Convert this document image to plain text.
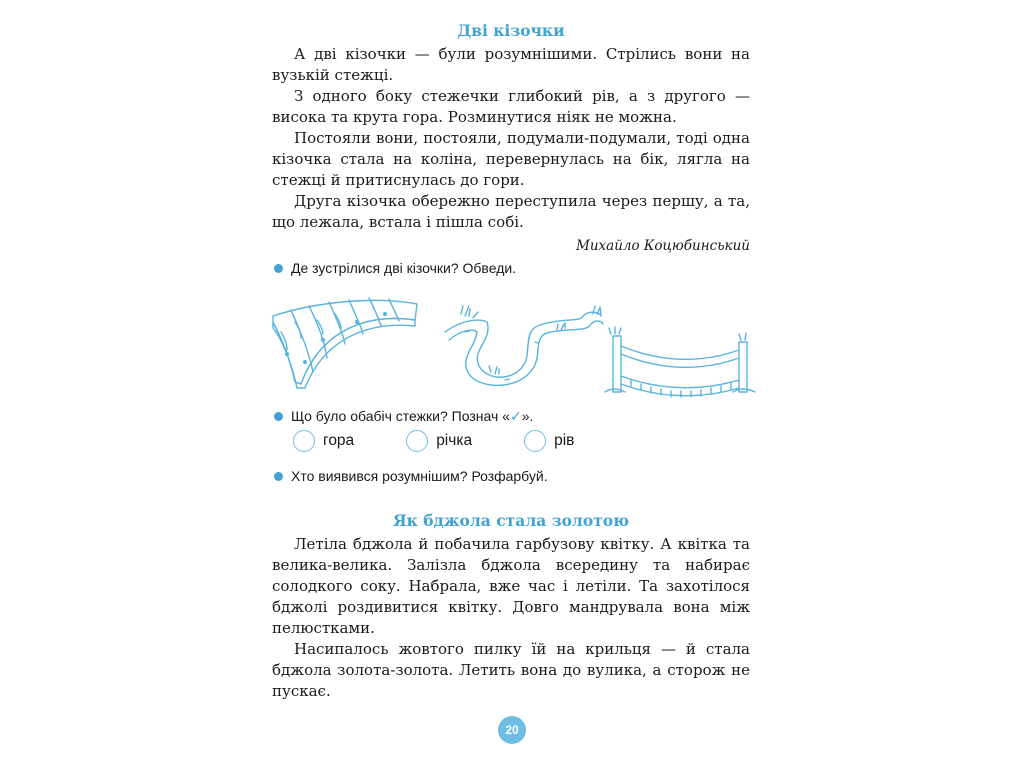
Дві кізочки

А дві кізочки — були розумнішими. Стрілись вони на вузькій стежці.

З одного боку стежечки глибокий рів, а з другого — висока та крута гора. Розминутися ніяк не можна.

Постояли вони, постояли, подумали-подумали, тоді одна кізочка стала на коліна, перевернулась на бік, лягла на стежці й притиснулась до гори.

Друга кізочка обережно переступила через першу, а та, що лежала, встала і пішла собі.

Михайло Коцюбинський

Де зустрілися дві кізочки? Обведи.
Що було обабіч стежки? Познач « ✓ ».
гора	річка	рів
Хто виявився розумнішим? Розфарбуй.
Як бджола стала золотою

Летіла бджола й побачила гарбузову квітку. А квітка та велика-велика. Залізла бджола всередину та набирає солодкого соку. Набрала, вже час і летіли. Та захотілося бджолі роздивитися квітку. Довго мандрувала вона між пелюстками.

Насипалось жовтого пилку їй на крильця — й стала бджола золота-золота. Летить вона до вулика, а сторож не пускає.

20
